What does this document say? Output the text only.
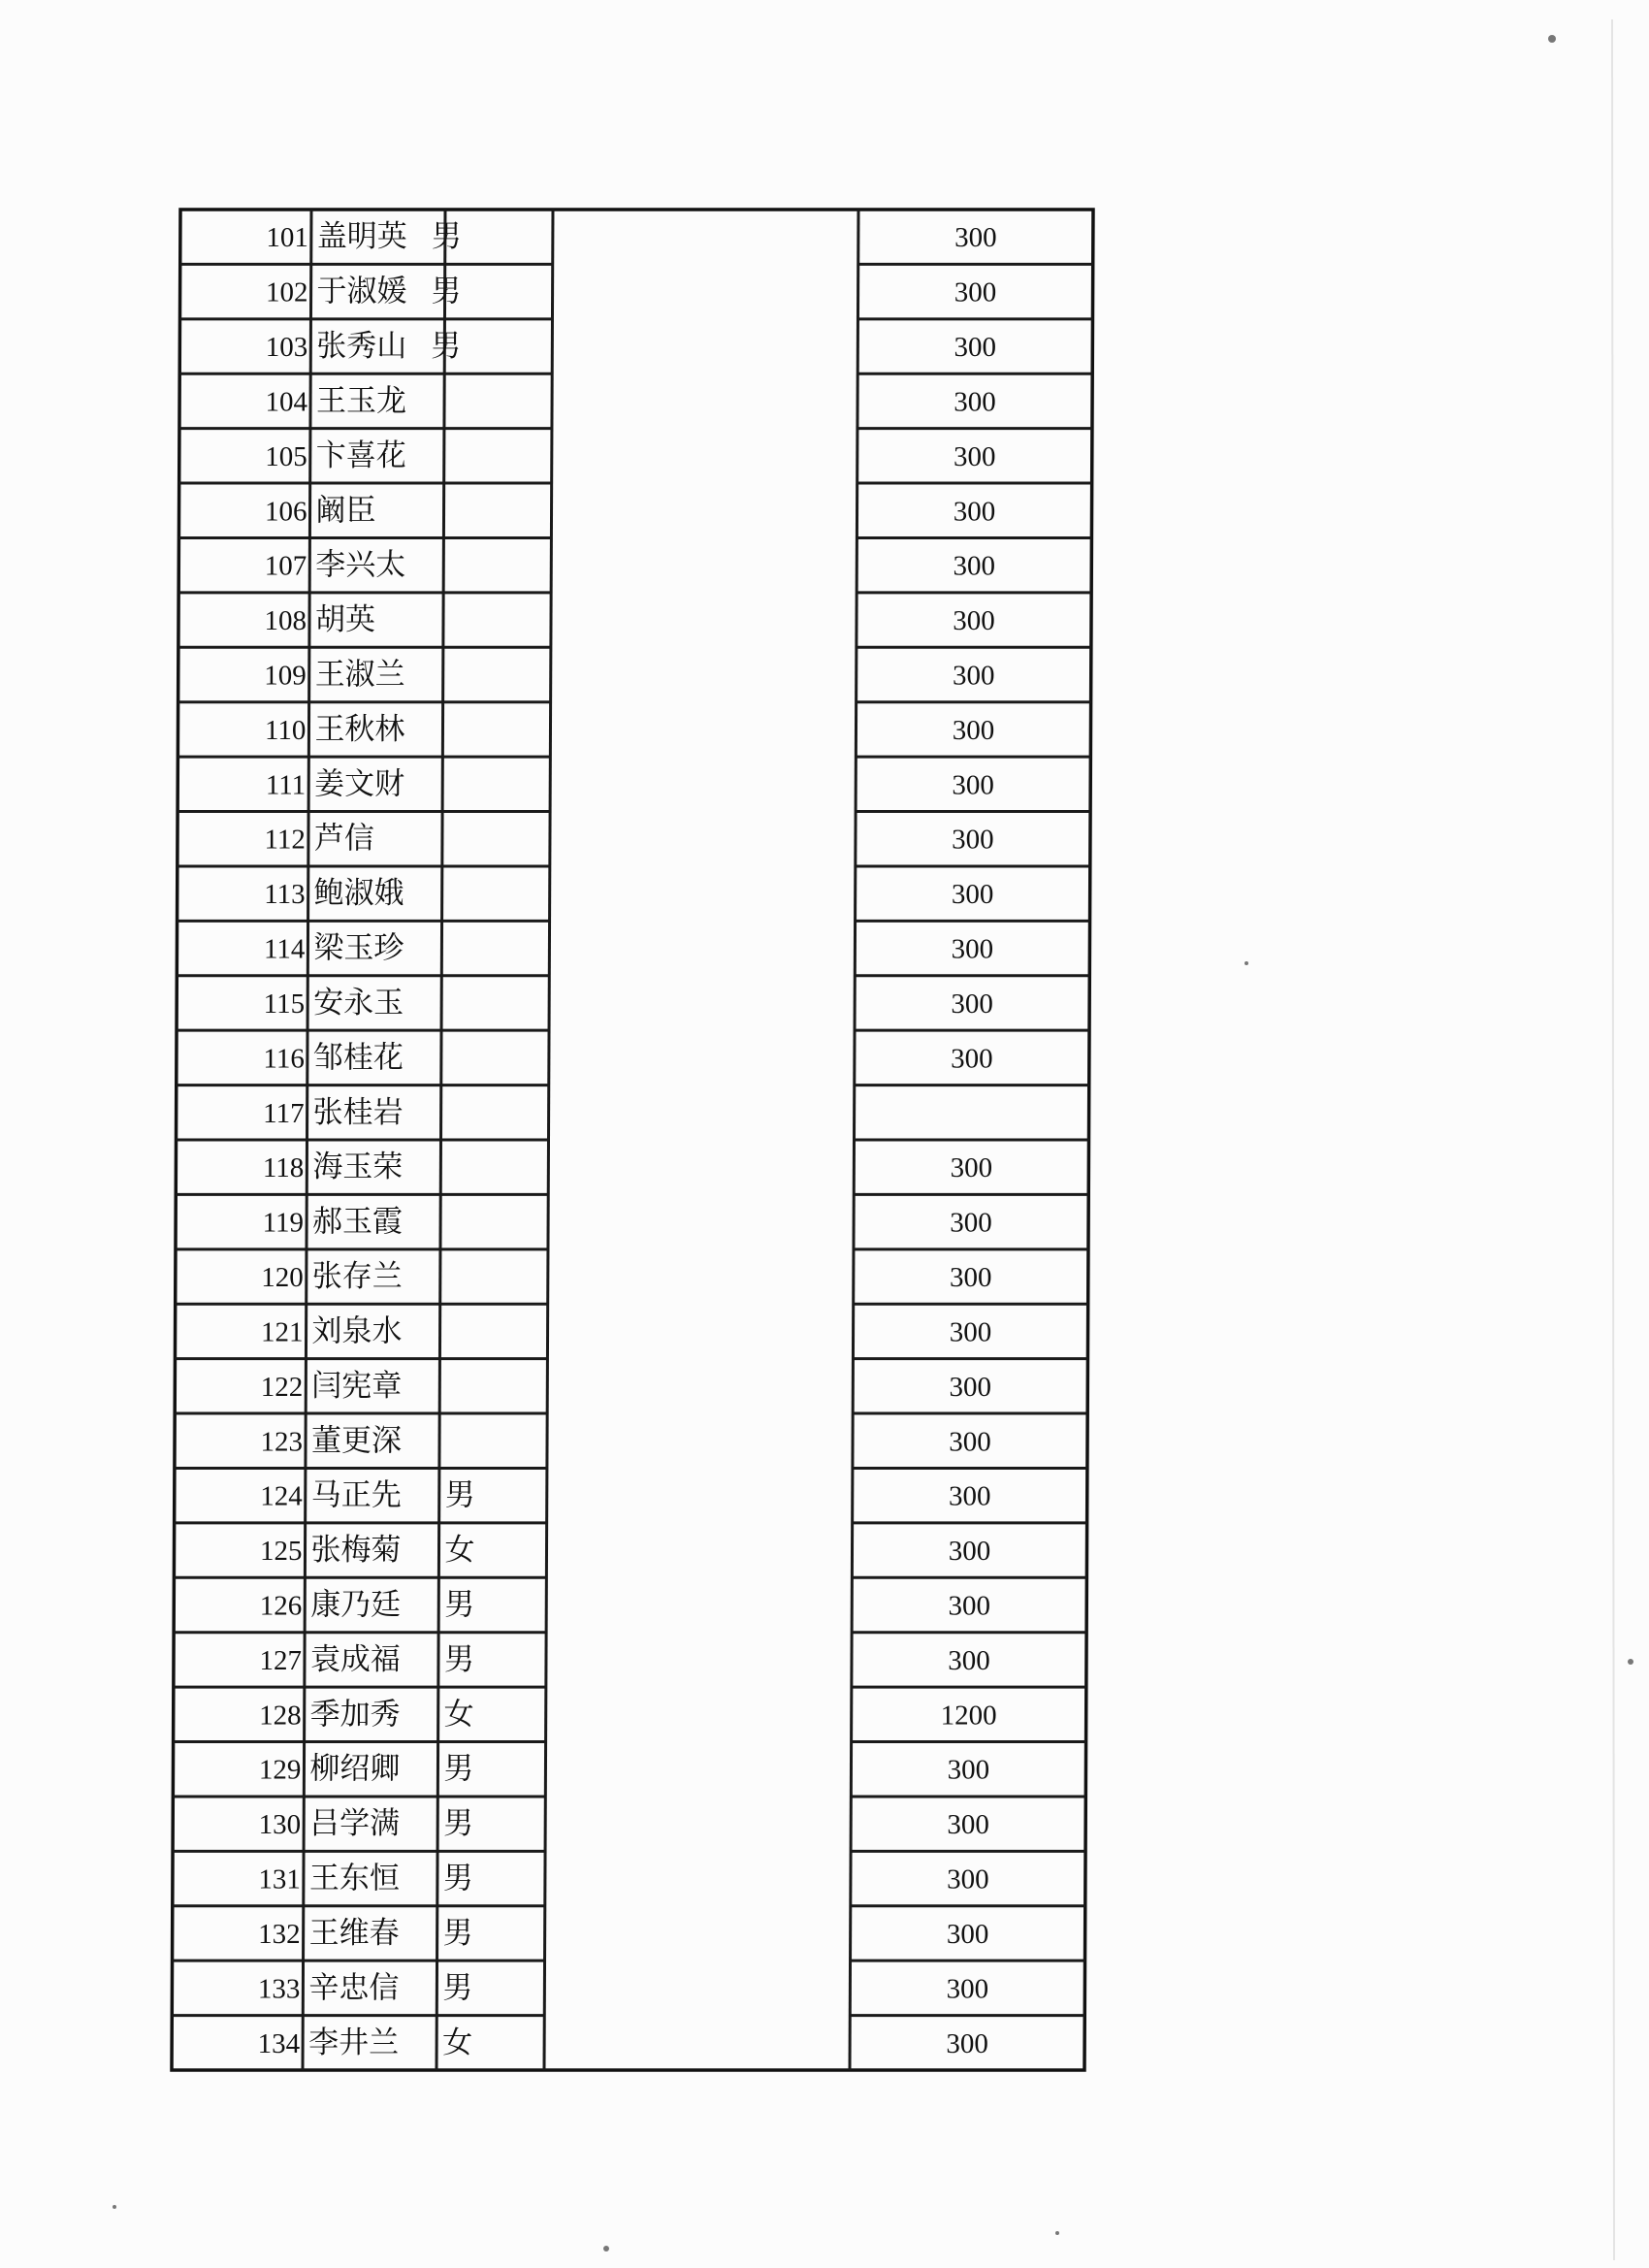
101 盖明英 男	300
102 于淑媛 男	300
103 张秀山 男	300
104 王玉龙	300
105 卞喜花	300
106 阚臣	300
107 李兴太	300
108 胡英	300
109 王淑兰	300
110 王秋林	300
111 姜文财	300
112 芦信	300
113 鲍淑娥	300
114 梁玉珍	300
115 安永玉	300
116 邹桂花	300
117 张桂岩
118 海玉荣	300
119 郝玉霞	300
120 张存兰	300
121 刘泉水	300
122 闫宪章	300
123 董更深	300
124 马正先 男	300
125 张梅菊 女	300
126 康乃廷 男	300
127 袁成福 男	300
128 季加秀 女	1200
129 柳绍卿 男	300
130 吕学满 男	300
131 王东恒 男	300
132 王维春 男	300
133 辛忠信 男	300
134 李井兰 女	300
